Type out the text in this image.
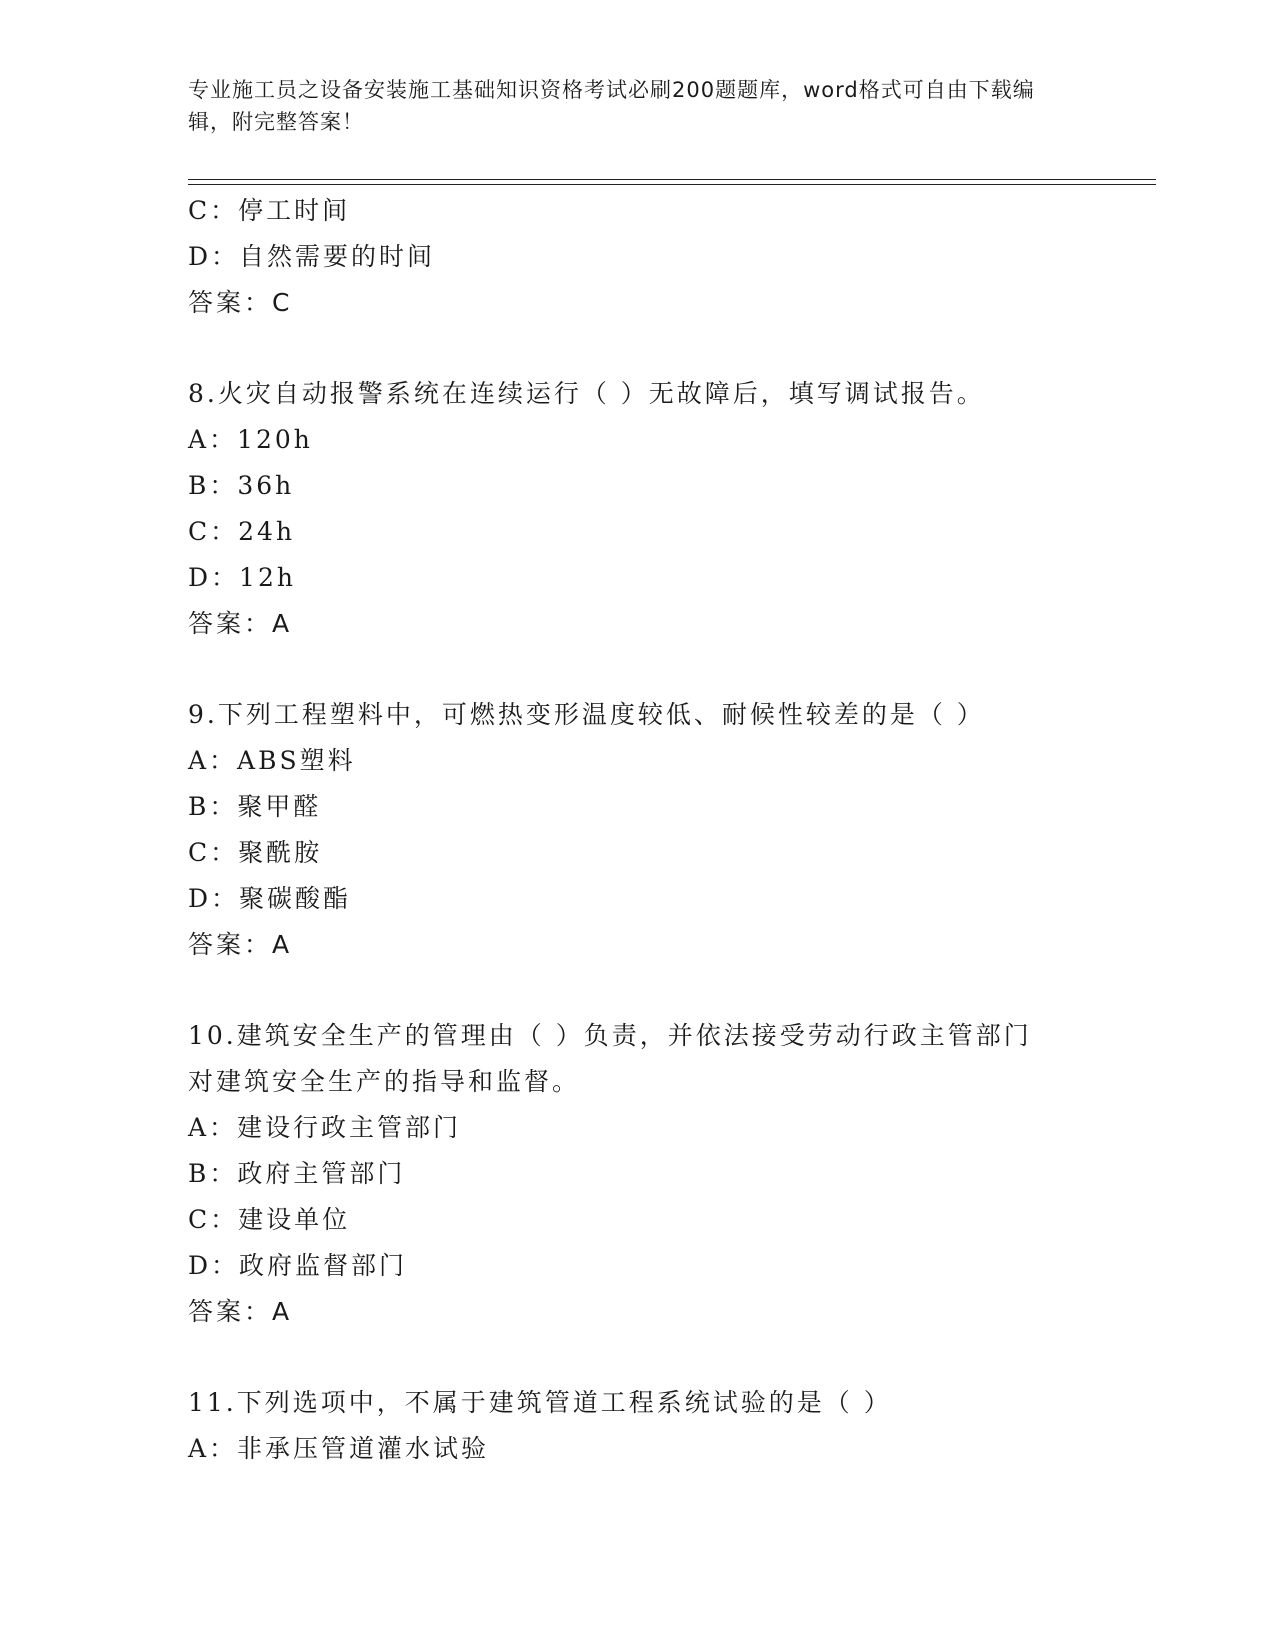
专业施工员之设备安装施工基础知识资格考试必刷200题题库，word格式可自由下载编辑，附完整答案！
C：停工时间
D：自然需要的时间
答案：C
8.火灾自动报警系统在连续运行（ ）无故障后，填写调试报告。
A：120h
B：36h
C：24h
D：12h
答案：A
9.下列工程塑料中，可燃热变形温度较低、耐候性较差的是（ ）
A：ABS塑料
B：聚甲醛
C：聚酰胺
D：聚碳酸酯
答案：A
10.建筑安全生产的管理由（ ）负责，并依法接受劳动行政主管部门
对建筑安全生产的指导和监督。
A：建设行政主管部门
B：政府主管部门
C：建设单位
D：政府监督部门
答案：A
11.下列选项中，不属于建筑管道工程系统试验的是（ ）
A：非承压管道灌水试验
